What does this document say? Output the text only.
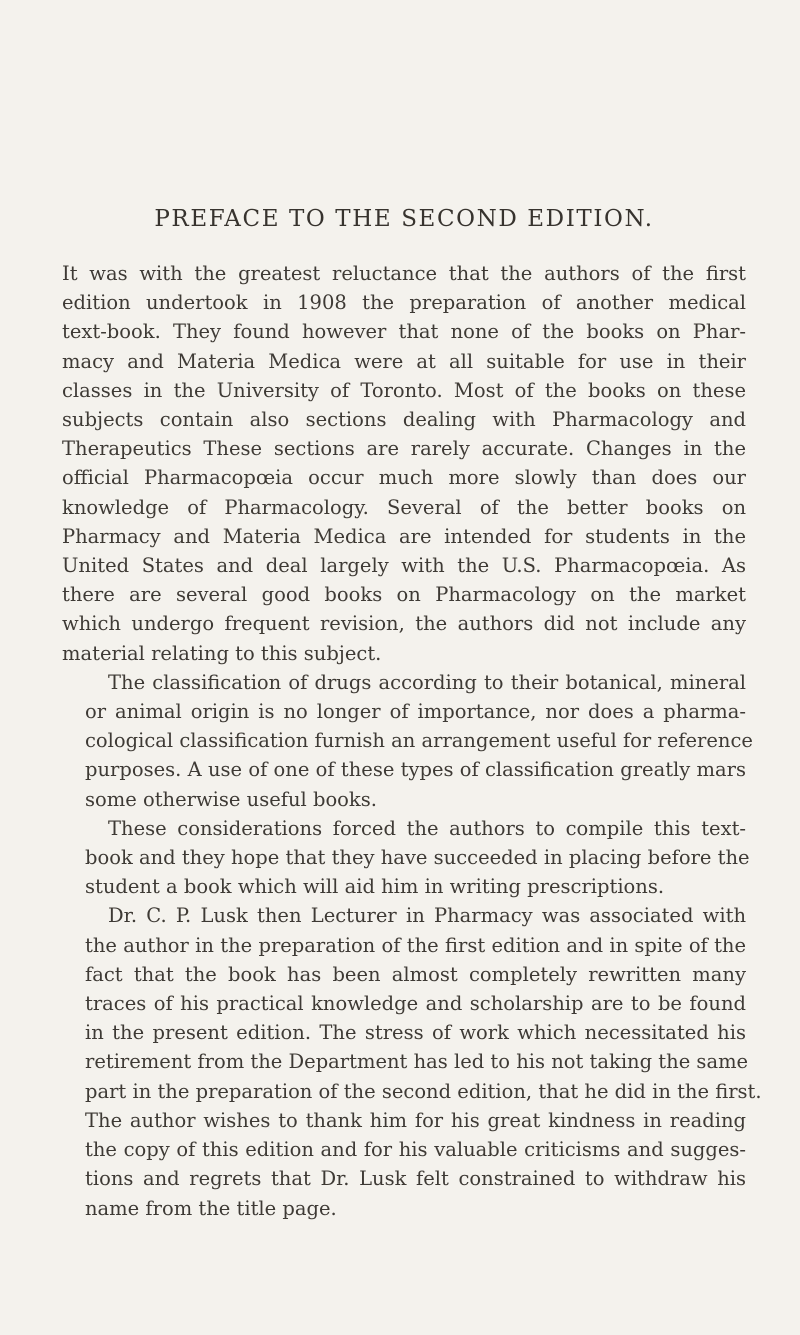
PREFACE TO THE SECOND EDITION.

It was with the greatest reluctance that the authors of the first
edition undertook in 1908 the preparation of another medical
text-book. They found however that none of the books on Phar-
macy and Materia Medica were at all suitable for use in their
classes in the University of Toronto. Most of the books on these
subjects contain also sections dealing with Pharmacology and
Therapeutics These sections are rarely accurate. Changes in the
official Pharmacopœia occur much more slowly than does our
knowledge of Pharmacology. Several of the better books on
Pharmacy and Materia Medica are intended for students in the
United States and deal largely with the U.S. Pharmacopœia. As
there are several good books on Pharmacology on the market
which undergo frequent revision, the authors did not include any
material relating to this subject.

The classification of drugs according to their botanical, mineral
or animal origin is no longer of importance, nor does a pharma-
cological classification furnish an arrangement useful for reference
purposes. A use of one of these types of classification greatly mars
some otherwise useful books.

These considerations forced the authors to compile this text-
book and they hope that they have succeeded in placing before the
student a book which will aid him in writing prescriptions.

Dr. C. P. Lusk then Lecturer in Pharmacy was associated with
the author in the preparation of the first edition and in spite of the
fact that the book has been almost completely rewritten many
traces of his practical knowledge and scholarship are to be found
in the present edition. The stress of work which necessitated his
retirement from the Department has led to his not taking the same
part in the preparation of the second edition, that he did in the first.
The author wishes to thank him for his great kindness in reading
the copy of this edition and for his valuable criticisms and sugges-
tions and regrets that Dr. Lusk felt constrained to withdraw his
name from the title page.
